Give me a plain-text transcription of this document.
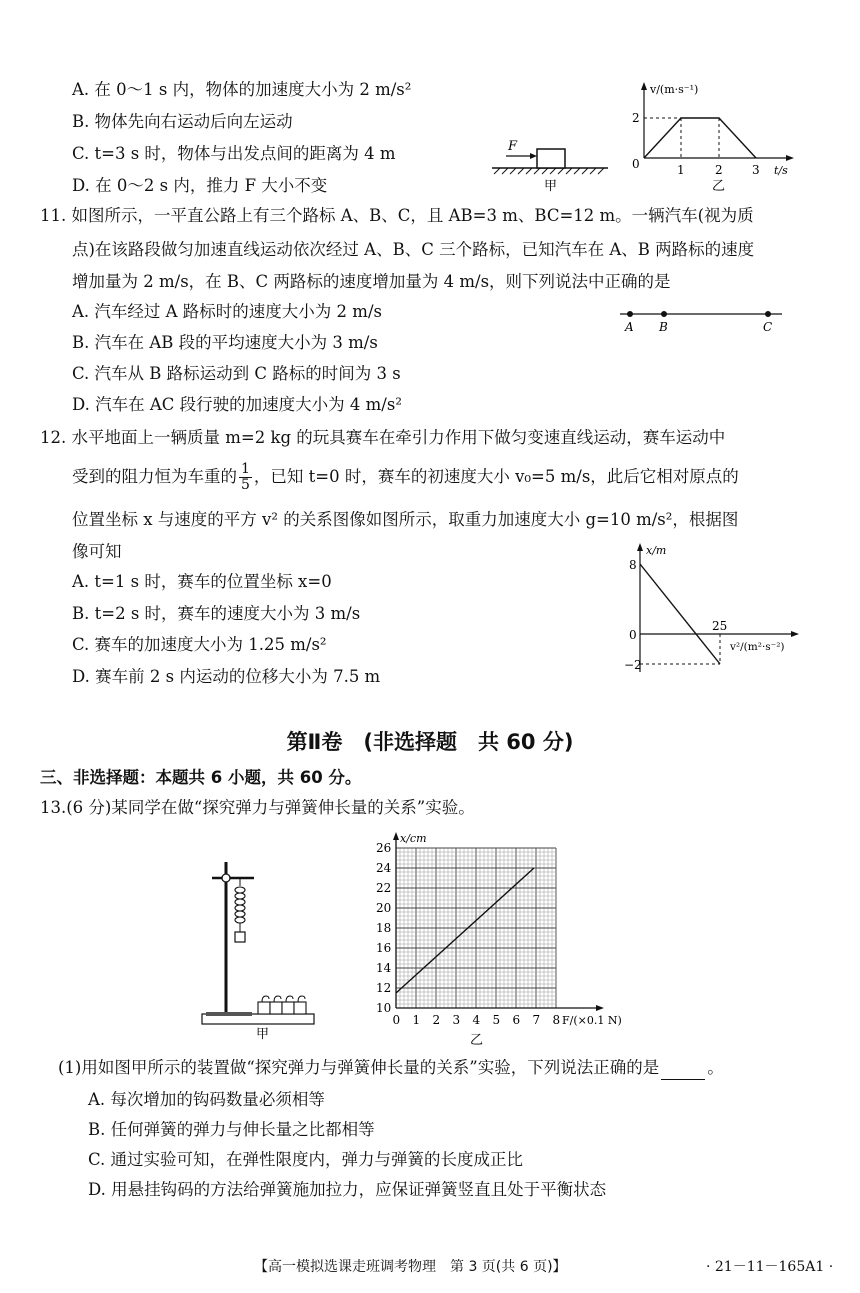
A. 在 0～1 s 内，物体的加速度大小为 2 m/s²
B. 物体先向右运动后向左运动
C. t=3 s 时，物体与出发点间的距离为 4 m
D. 在 0～2 s 内，推力 F 大小不变
F
甲
v/(m·s⁻¹)
t/s
0
2
1	2 3
乙
11. 如图所示，一平直公路上有三个路标 A、B、C，且 AB=3 m、BC=12 m。一辆汽车(视为质
点)在该路段做匀加速直线运动依次经过 A、B、C 三个路标，已知汽车在 A、B 两路标的速度
增加量为 2 m/s，在 B、C 两路标的速度增加量为 4 m/s，则下列说法中正确的是
A. 汽车经过 A 路标时的速度大小为 2 m/s
B. 汽车在 AB 段的平均速度大小为 3 m/s
C. 汽车从 B 路标运动到 C 路标的时间为 3 s
D. 汽车在 AC 段行驶的加速度大小为 4 m/s²
A B	C
12. 水平地面上一辆质量 m=2 kg 的玩具赛车在牵引力作用下做匀变速直线运动，赛车运动中
受到的阻力恒为车重的 $\frac{1}{5}$ ，已知 t=0 时，赛车的初速度大小 v₀=5 m/s，此后它相对原点的
位置坐标 x 与速度的平方 v² 的关系图像如图所示，取重力加速度大小 g=10 m/s²，根据图
像可知
A. t=1 s 时，赛车的位置坐标 x=0
B. t=2 s 时，赛车的速度大小为 3 m/s
C. 赛车的加速度大小为 1.25 m/s²
D. 赛车前 2 s 内运动的位移大小为 7.5 m
x/m
v²/(m²·s⁻²)
8
0
−2
25
第Ⅱ卷　(非选择题　共 60 分)
三、非选择题：本题共 6 小题，共 60 分。
13.(6 分)某同学在做“探究弹力与弹簧伸长量的关系”实验。
甲
0 1 2 3 4 5 6 7 8
10
12
14
16
18
20
22
24
26
F/(×0.1 N)
x/cm
乙
(1)用如图甲所示的装置做“探究弹力与弹簧伸长量的关系”实验，下列说法正确的是	。
A. 每次增加的钩码数量必须相等
B. 任何弹簧的弹力与伸长量之比都相等
C. 通过实验可知，在弹性限度内，弹力与弹簧的长度成正比
D. 用悬挂钩码的方法给弹簧施加拉力，应保证弹簧竖直且处于平衡状态
【高一模拟选课走班调考物理　第 3 页(共 6 页)】	· 21－11－165A1 ·
